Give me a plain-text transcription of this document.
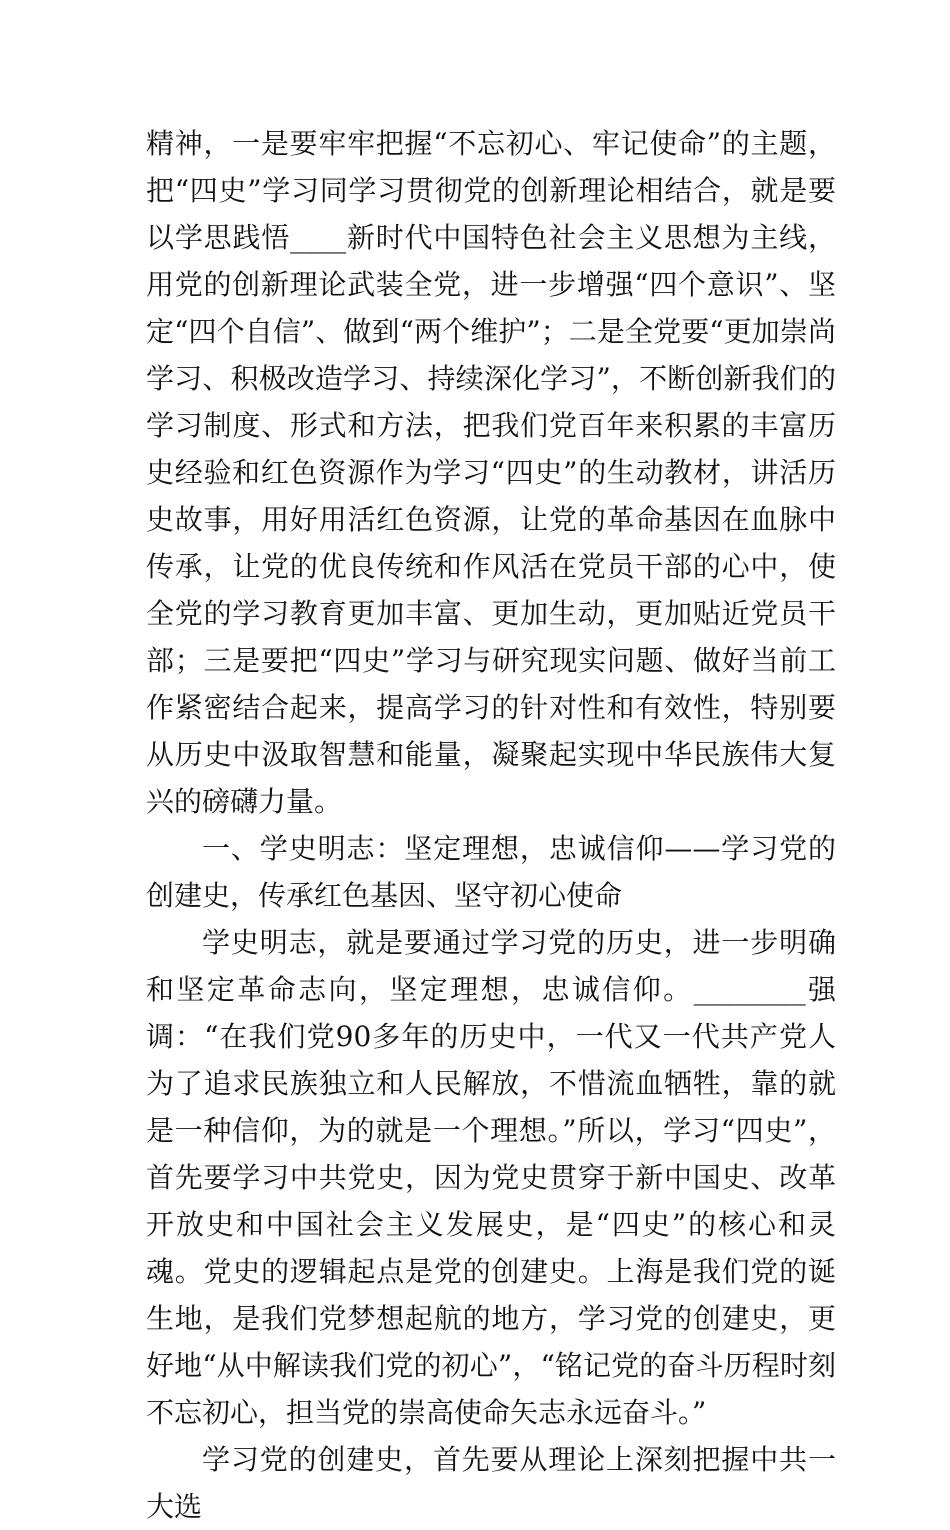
精神，一是要牢牢把握“不忘初心、牢记使命”的主题，把“四史”学习同学习贯彻党的创新理论相结合，就是要以学思践悟____新时代中国特色社会主义思想为主线，用党的创新理论武装全党，进一步增强“四个意识”、坚定“四个自信”、做到“两个维护”；二是全党要“更加崇尚学习、积极改造学习、持续深化学习”，不断创新我们的学习制度、形式和方法，把我们党百年来积累的丰富历史经验和红色资源作为学习“四史”的生动教材，讲活历史故事，用好用活红色资源，让党的革命基因在血脉中传承，让党的优良传统和作风活在党员干部的心中，使全党的学习教育更加丰富、更加生动，更加贴近党员干部；三是要把“四史”学习与研究现实问题、做好当前工作紧密结合起来，提高学习的针对性和有效性，特别要从历史中汲取智慧和能量，凝聚起实现中华民族伟大复兴的磅礴力量。

一、学史明志：坚定理想，忠诚信仰——学习党的创建史，传承红色基因、坚守初心使命

学史明志，就是要通过学习党的历史，进一步明确和坚定革命志向，坚定理想，忠诚信仰。________强调：“在我们党90多年的历史中，一代又一代共产党人为了追求民族独立和人民解放，不惜流血牺牲，靠的就是一种信仰，为的就是一个理想。”所以，学习“四史”，首先要学习中共党史，因为党史贯穿于新中国史、改革开放史和中国社会主义发展史，是“四史”的核心和灵魂。党史的逻辑起点是党的创建史。上海是我们党的诞生地，是我们党梦想起航的地方，学习党的创建史，更好地“从中解读我们党的初心”，“铭记党的奋斗历程时刻不忘初心，担当党的崇高使命矢志永远奋斗。”

学习党的创建史，首先要从理论上深刻把握中共一大选
